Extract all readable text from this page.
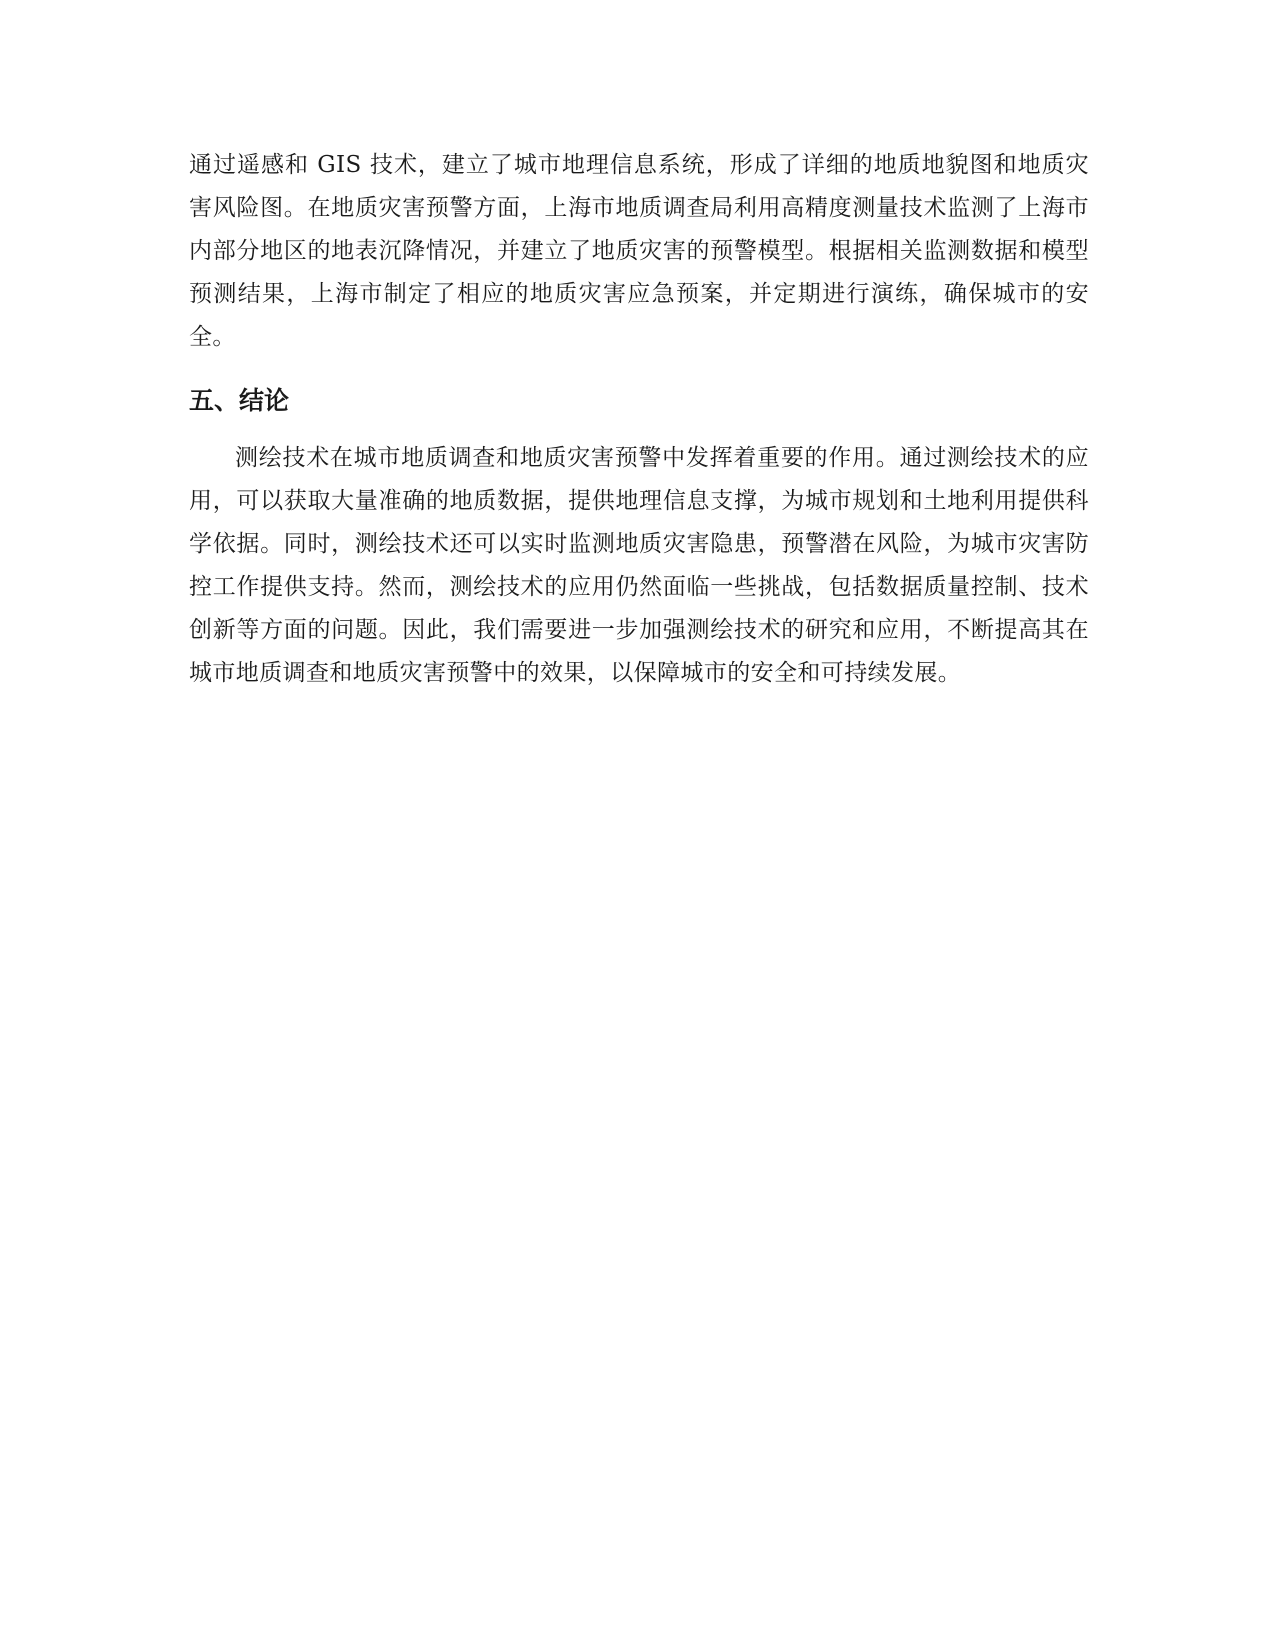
通过遥感和 GIS 技术，建立了城市地理信息系统，形成了详细的地质地貌图和地质灾害风险图。在地质灾害预警方面，上海市地质调查局利用高精度测量技术监测了上海市内部分地区的地表沉降情况，并建立了地质灾害的预警模型。根据相关监测数据和模型预测结果，上海市制定了相应的地质灾害应急预案，并定期进行演练，确保城市的安全。

五、结论

测绘技术在城市地质调查和地质灾害预警中发挥着重要的作用。通过测绘技术的应用，可以获取大量准确的地质数据，提供地理信息支撑，为城市规划和土地利用提供科学依据。同时，测绘技术还可以实时监测地质灾害隐患，预警潜在风险，为城市灾害防控工作提供支持。然而，测绘技术的应用仍然面临一些挑战，包括数据质量控制、技术创新等方面的问题。因此，我们需要进一步加强测绘技术的研究和应用，不断提高其在城市地质调查和地质灾害预警中的效果，以保障城市的安全和可持续发展。
